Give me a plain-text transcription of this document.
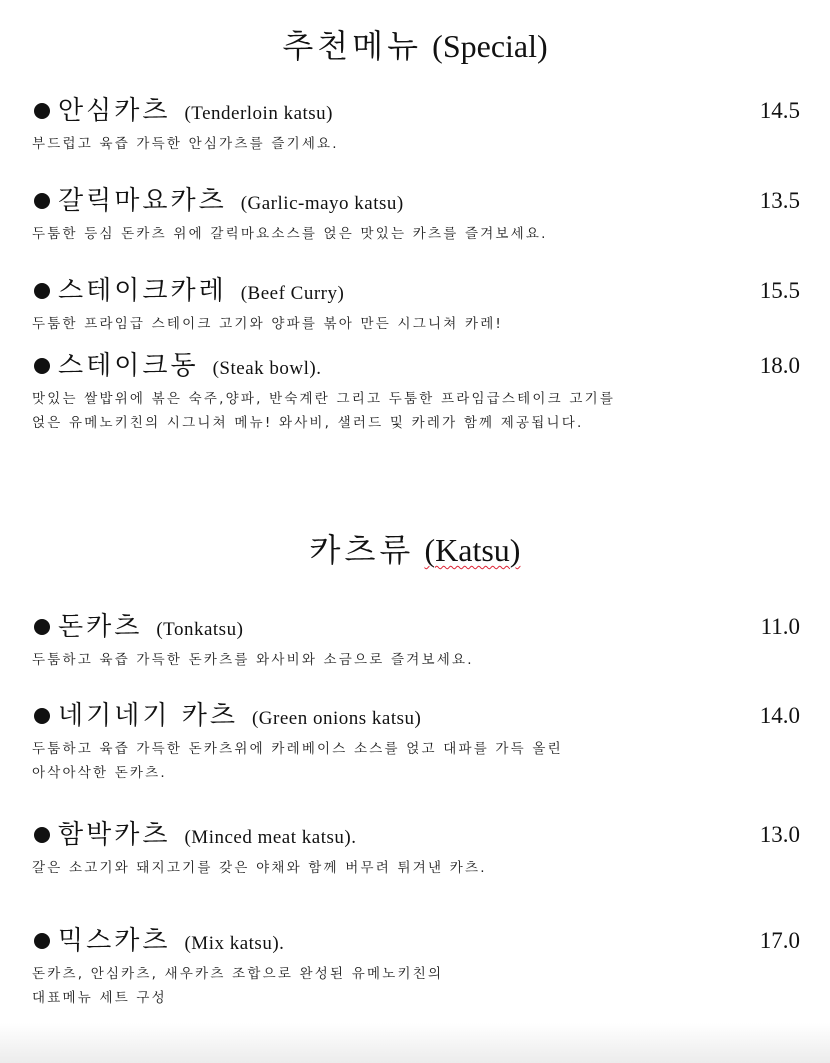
추천메뉴 (Special)
안심카츠 (Tenderloin katsu)	14.5
부드럽고 육즙 가득한 안심가츠를 즐기세요.
갈릭마요카츠 (Garlic-mayo katsu)	13.5
두툼한 등심 돈카츠 위에 갈릭마요소스를 얹은 맛있는 카츠를 즐겨보세요.
스테이크카레 (Beef Curry)	15.5
두툼한 프라임급 스테이크 고기와 양파를 볶아 만든 시그니쳐 카레!
스테이크동 (Steak bowl).	18.0
맛있는 쌀밥위에 볶은 숙주,양파, 반숙계란 그리고 두툼한 프라임급스테이크 고기를
얹은 유메노키친의 시그니쳐 메뉴! 와사비, 샐러드 및 카레가 함께 제공됩니다.
카츠류 (Katsu)
돈카츠 (Tonkatsu)	11.0
두툼하고 육즙 가득한 돈카츠를 와사비와 소금으로 즐겨보세요.
네기네기 카츠 (Green onions katsu)	14.0
두툼하고 육즙 가득한 돈카츠위에 카레베이스 소스를 얹고 대파를 가득 올린
아삭아삭한 돈카츠.
함박카츠 (Minced meat katsu).	13.0
갈은 소고기와 돼지고기를 갖은 야채와 함께 버무려 튀겨낸 카츠.
믹스카츠 (Mix katsu).	17.0
돈카츠, 안심카츠, 새우카츠 조합으로 완성된 유메노키친의
대표메뉴 세트 구성
